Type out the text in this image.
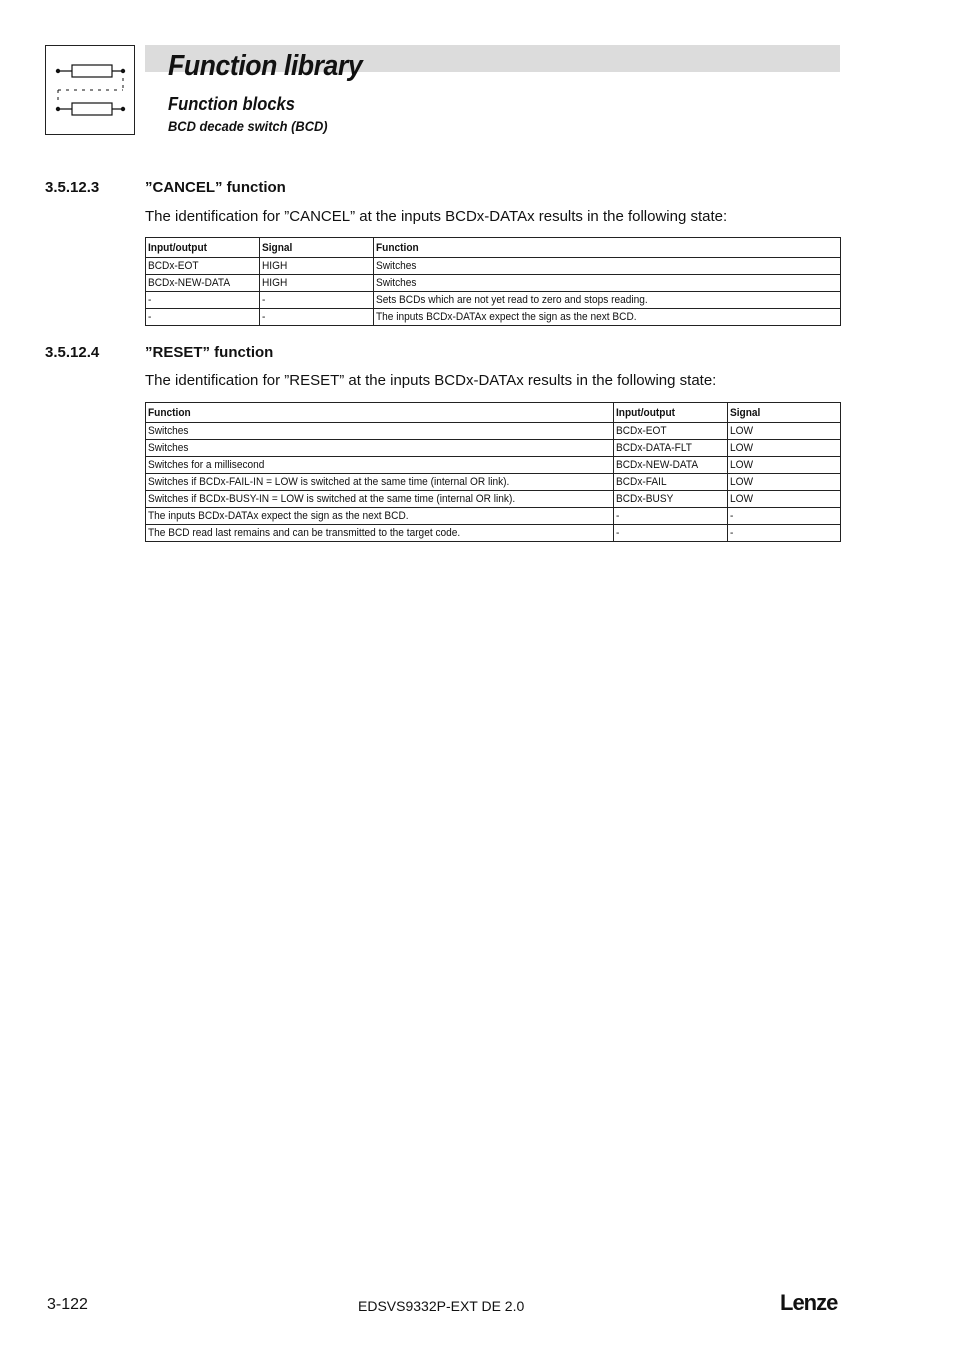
Function library
Function blocks
BCD decade switch (BCD)
3.5.12.3	”CANCEL” function
The identification for ”CANCEL” at the inputs BCDx-DATAx results in the following state:
Input/output	Signal	Function
BCDx-EOT	HIGH	Switches
BCDx-NEW-DATA	HIGH	Switches
-	-	Sets BCDs which are not yet read to zero and stops reading.
-	-	The inputs BCDx-DATAx expect the sign as the next BCD.
3.5.12.4	”RESET” function
The identification for ”RESET” at the inputs BCDx-DATAx results in the following state:
Function	Input/output	Signal
Switches	BCDx-EOT	LOW
Switches	BCDx-DATA-FLT	LOW
Switches for a millisecond	BCDx-NEW-DATA	LOW
Switches if BCDx-FAIL-IN = LOW is switched at the same time (internal OR link).	BCDx-FAIL	LOW
Switches if BCDx-BUSY-IN = LOW is switched at the same time (internal OR link).	BCDx-BUSY	LOW
The inputs BCDx-DATAx expect the sign as the next BCD.	-	-
The BCD read last remains and can be transmitted to the target code.	-	-
3-122	EDSVS9332P-EXT DE 2.0	Lenze
